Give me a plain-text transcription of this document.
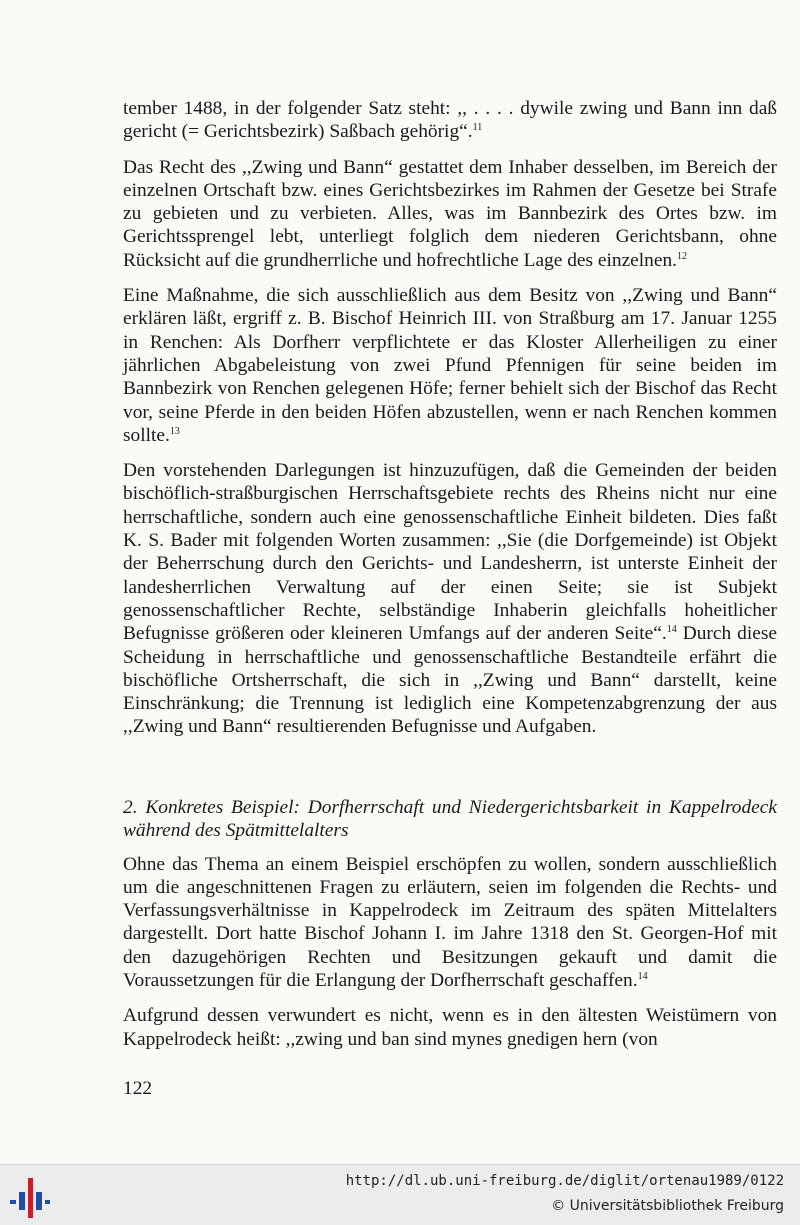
tember 1488, in der folgender Satz steht: ,, . . . . dywile zwing und Bann inn daß gericht (= Gerichtsbezirk) Saßbach gehörig“.$^{11}$

Das Recht des ,,Zwing und Bann“ gestattet dem Inhaber desselben, im Bereich der einzelnen Ortschaft bzw. eines Gerichtsbezirkes im Rahmen der Gesetze bei Strafe zu gebieten und zu verbieten. Alles, was im Bannbezirk des Ortes bzw. im Gerichtssprengel lebt, unterliegt folglich dem niederen Gerichtsbann, ohne Rücksicht auf die grundherrliche und hofrechtliche Lage des einzelnen.$^{12}$

Eine Maßnahme, die sich ausschließlich aus dem Besitz von ,,Zwing und Bann“ erklären läßt, ergriff z. B. Bischof Heinrich III. von Straßburg am 17. Januar 1255 in Renchen: Als Dorfherr verpflichtete er das Kloster Allerheiligen zu einer jährlichen Abgabeleistung von zwei Pfund Pfennigen für seine beiden im Bannbezirk von Renchen gelegenen Höfe; ferner behielt sich der Bischof das Recht vor, seine Pferde in den beiden Höfen abzustellen, wenn er nach Renchen kommen sollte.$^{13}$

Den vorstehenden Darlegungen ist hinzuzufügen, daß die Gemeinden der beiden bischöflich-straßburgischen Herrschaftsgebiete rechts des Rheins nicht nur eine herrschaftliche, sondern auch eine genossenschaftliche Einheit bildeten. Dies faßt K. S. Bader mit folgenden Worten zusammen: ,,Sie (die Dorfgemeinde) ist Objekt der Beherrschung durch den Gerichts- und Landesherrn, ist unterste Einheit der landesherrlichen Verwaltung auf der einen Seite; sie ist Subjekt genossenschaftlicher Rechte, selbständige Inhaberin gleichfalls hoheitlicher Befugnisse größeren oder kleineren Umfangs auf der anderen Seite“.$^{14}$ Durch diese Scheidung in herrschaftliche und genossenschaftliche Bestandteile erfährt die bischöfliche Ortsherrschaft, die sich in ,,Zwing und Bann“ darstellt, keine Einschränkung; die Trennung ist lediglich eine Kompetenzabgrenzung der aus ,,Zwing und Bann“ resultierenden Befugnisse und Aufgaben.

2. Konkretes Beispiel: Dorfherrschaft und Niedergerichtsbarkeit in Kappelrodeck während des Spätmittelalters

Ohne das Thema an einem Beispiel erschöpfen zu wollen, sondern ausschließlich um die angeschnittenen Fragen zu erläutern, seien im folgenden die Rechts- und Verfassungsverhältnisse in Kappelrodeck im Zeitraum des späten Mittelalters dargestellt. Dort hatte Bischof Johann I. im Jahre 1318 den St. Georgen-Hof mit den dazugehörigen Rechten und Besitzungen gekauft und damit die Voraussetzungen für die Erlangung der Dorfherrschaft geschaffen.$^{14}$

Aufgrund dessen verwundert es nicht, wenn es in den ältesten Weistümern von Kappelrodeck heißt: ,,zwing und ban sind mynes gnedigen hern (von

122
http://dl.ub.uni-freiburg.de/diglit/ortenau1989/0122
© Universitätsbibliothek Freiburg
